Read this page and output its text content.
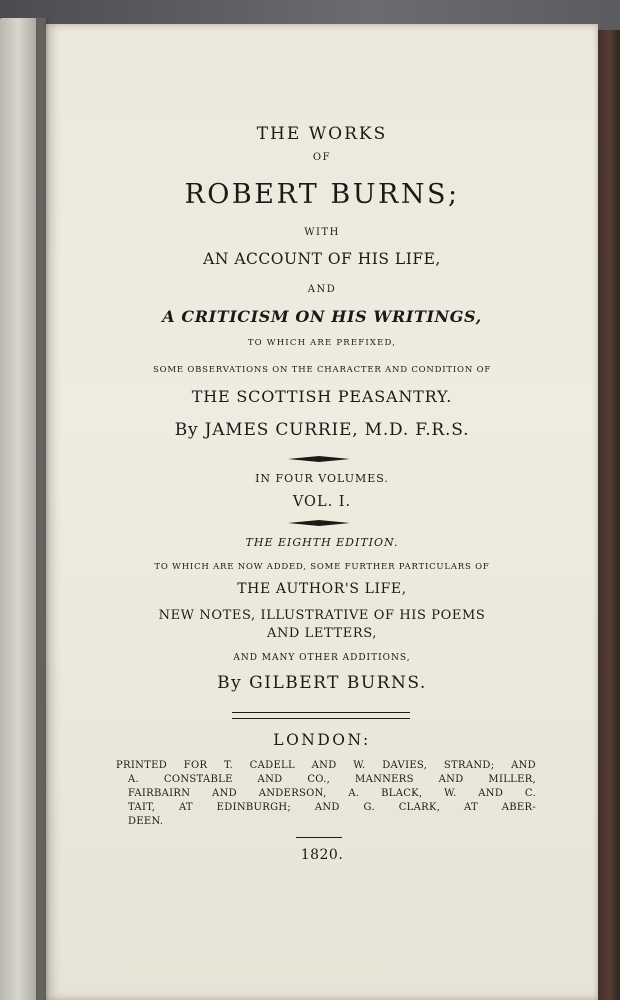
THE WORKS

OF

ROBERT BURNS;

WITH

AN ACCOUNT OF HIS LIFE,

AND

A CRITICISM ON HIS WRITINGS,

TO WHICH ARE PREFIXED,

SOME OBSERVATIONS ON THE CHARACTER AND CONDITION OF

THE SCOTTISH PEASANTRY.

By JAMES CURRIE, M.D. F.R.S.

IN FOUR VOLUMES.

VOL. I.

THE EIGHTH EDITION.

TO WHICH ARE NOW ADDED, SOME FURTHER PARTICULARS OF

THE AUTHOR'S LIFE,

NEW NOTES, ILLUSTRATIVE OF HIS POEMS

AND LETTERS,

AND MANY OTHER ADDITIONS,

By GILBERT BURNS.

LONDON:

PRINTED FOR T. CADELL AND W. DAVIES, STRAND; AND
A. CONSTABLE AND CO., MANNERS AND MILLER,
FAIRBAIRN AND ANDERSON, A. BLACK, W. AND C.
TAIT, AT EDINBURGH; AND G. CLARK, AT ABER-
DEEN.

1820.
